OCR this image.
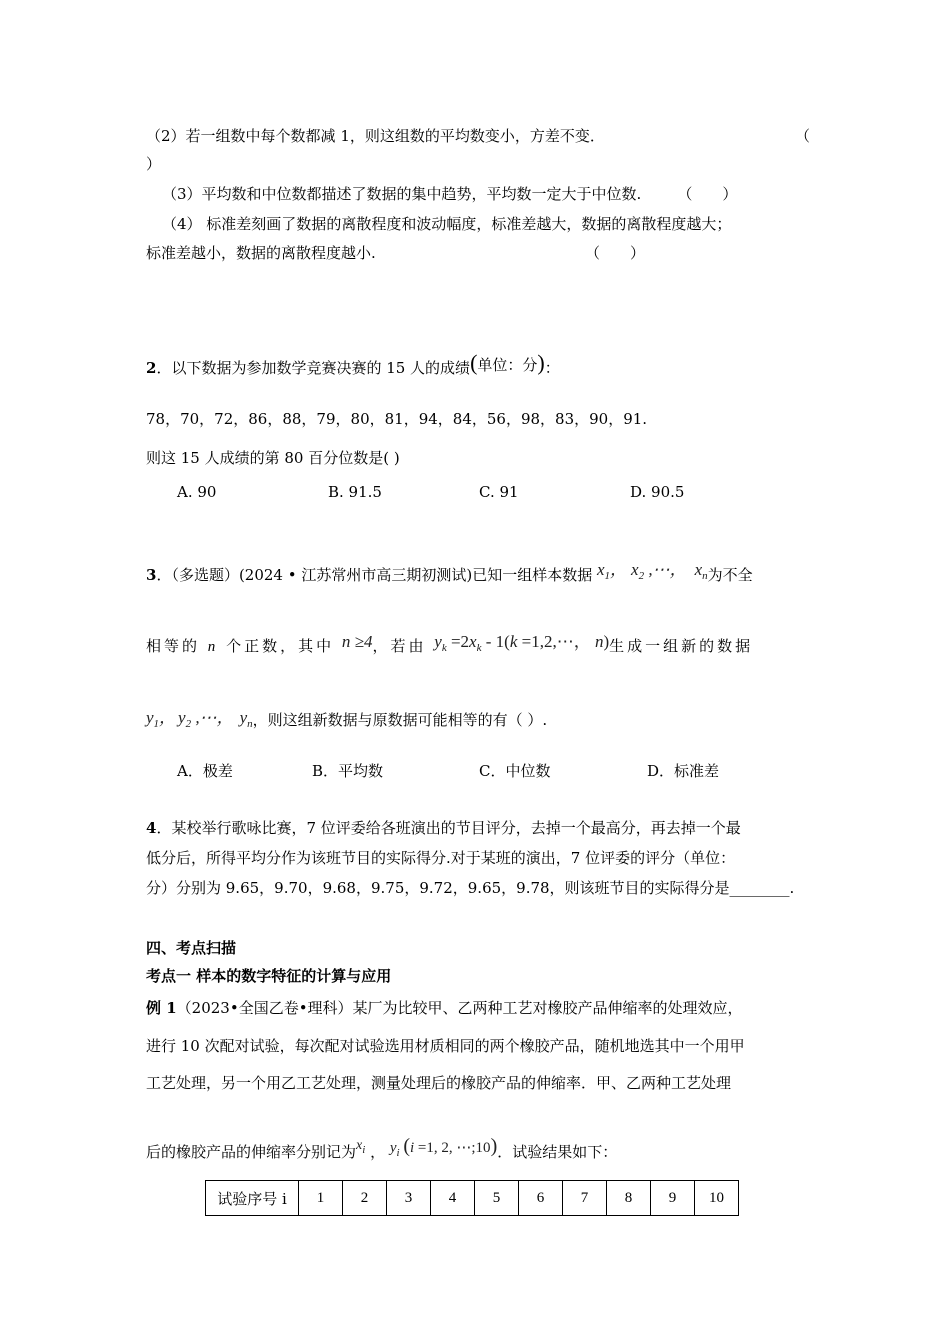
（2）若一组数中每个数都减 1，则这组数的平均数变小，方差不变．	（
）
（3）平均数和中位数都描述了数据的集中趋势，平均数一定大于中位数. （　　）
（4） 标准差刻画了数据的离散程度和波动幅度，标准差越大，数据的离散程度越大；
标准差越小，数据的离散程度越小.	（　　）
2．以下数据为参加数学竞赛决赛的 15 人的成绩(单位：分)：
78，70，72，86，88，79，80，81，94，84，56，98，83，90，91.
则这 15 人成绩的第 80 百分位数是( )
A. 90	B. 91.5	C. 91	D. 90.5
3．（多选题）(2024 • 江苏常州市高三期初测试)已知一组样本数据 $x_1$， $x_2$ ,⋯， $x_n$为不全
相等的 n 个正数，其中 n ≥4，若由 $y_k =2x_k - 1(k$ =1,2,⋯， n)生成一组新的数据
$y_1$， $y_2$ ,⋯， $y_n$，则这组新数据与原数据可能相等的有（ ）.
A．极差	B．平均数	C．中位数	D．标准差
4．某校举行歌咏比赛，7 位评委给各班演出的节目评分，去掉一个最高分，再去掉一个最
低分后，所得平均分作为该班节目的实际得分.对于某班的演出，7 位评委的评分（单位：
分）分别为 9.65，9.70，9.68，9.75，9.72，9.65，9.78，则该班节目的实际得分是________.
四、考点扫描
考点一 样本的数字特征的计算与应用
例 1（2023•全国乙卷•理科）某厂为比较甲、乙两种工艺对橡胶产品伸缩率的处理效应，
进行 10 次配对试验，每次配对试验选用材质相同的两个橡胶产品，随机地选其中一个用甲
工艺处理，另一个用乙工艺处理，测量处理后的橡胶产品的伸缩率．甲、乙两种工艺处理
后的橡胶产品的伸缩率分别记为$x_i$ ， $y_i$ (i =1, 2, ⋯;10)．试验结果如下：
试验序号 i	1	2	3	4	5	6	7	8	9	10
